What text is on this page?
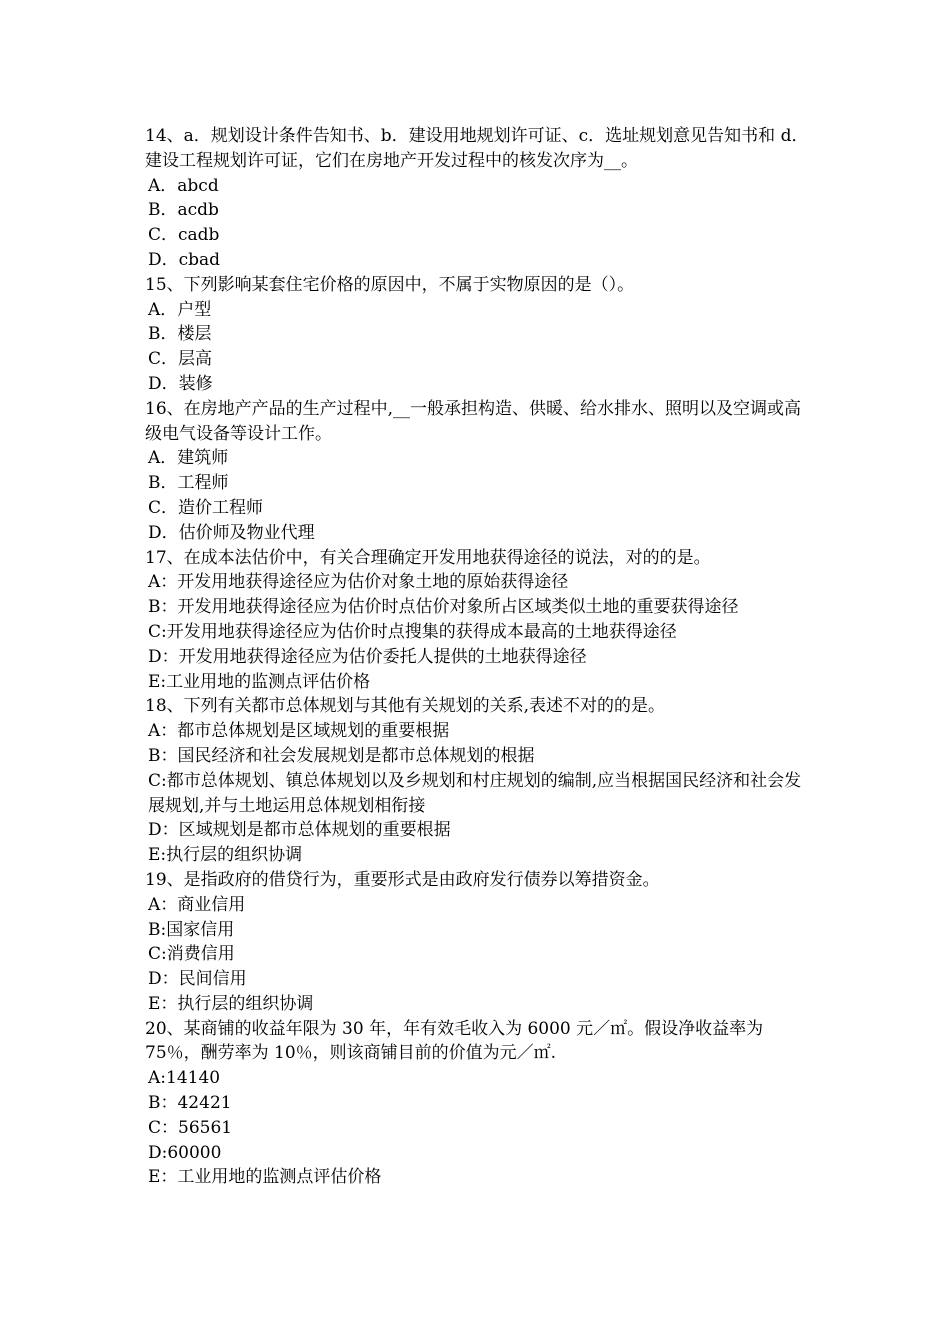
14、a．规划设计条件告知书、b．建设用地规划许可证、c．选址规划意见告知书和 d．建设工程规划许可证，它们在房地产开发过程中的核发次序为__。

A．abcd

B．acdb

C．cadb

D．cbad

15、下列影响某套住宅价格的原因中，不属于实物原因的是（）。

A．户型

B．楼层

C．层高

D．装修

16、在房地产产品的生产过程中,__一般承担构造、供暖、给水排水、照明以及空调或高级电气设备等设计工作。

A．建筑师

B．工程师

C．造价工程师

D．估价师及物业代理

17、在成本法估价中，有关合理确定开发用地获得途径的说法，对的的是。

A：开发用地获得途径应为估价对象土地的原始获得途径

B：开发用地获得途径应为估价时点估价对象所占区域类似土地的重要获得途径

C:开发用地获得途径应为估价时点搜集的获得成本最高的土地获得途径

D：开发用地获得途径应为估价委托人提供的土地获得途径

E:工业用地的监测点评估价格

18、下列有关都市总体规划与其他有关规划的关系,表述不对的的是。

A：都市总体规划是区域规划的重要根据

B：国民经济和社会发展规划是都市总体规划的根据

C:都市总体规划、镇总体规划以及乡规划和村庄规划的编制,应当根据国民经济和社会发展规划,并与土地运用总体规划相衔接

D：区域规划是都市总体规划的重要根据

E:执行层的组织协调

19、是指政府的借贷行为，重要形式是由政府发行债券以筹措资金。

A：商业信用

B:国家信用

C:消费信用

D：民间信用

E：执行层的组织协调

20、某商铺的收益年限为 30 年，年有效毛收入为 6000 元／㎡。假设净收益率为 75％，酬劳率为 10％，则该商铺目前的价值为元／㎡.

A:14140

B：42421

C：56561

D:60000

E：工业用地的监测点评估价格
